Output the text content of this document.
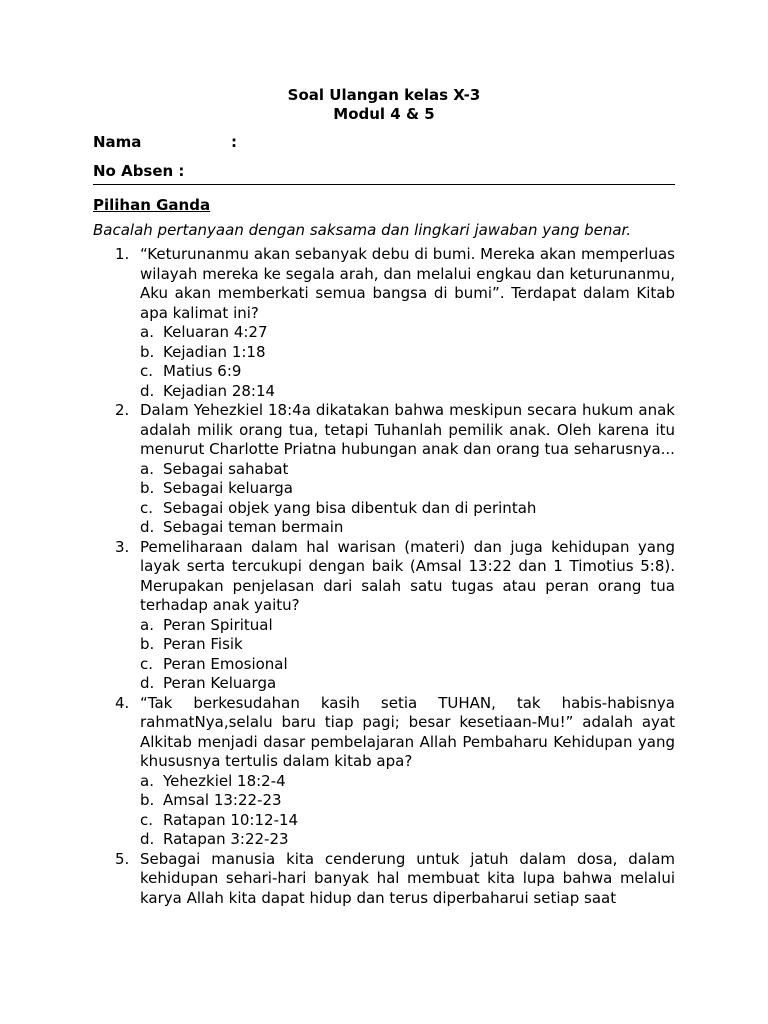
Soal Ulangan kelas X-3

Modul 4 & 5

Nama	:
No Absen :
Pilihan Ganda
Bacalah pertanyaan dengan saksama dan lingkari jawaban yang benar.
1. “Keturunanmu akan sebanyak debu di bumi. Mereka akan memperluas wilayah mereka ke segala arah, dan melalui engkau dan keturunanmu, Aku akan memberkati semua bangsa di bumi”. Terdapat dalam Kitab apa kalimat ini?
a. Keluaran 4:27
b. Kejadian 1:18
c. Matius 6:9
d. Kejadian 28:14
2. Dalam Yehezkiel 18:4a dikatakan bahwa meskipun secara hukum anak adalah milik orang tua, tetapi Tuhanlah pemilik anak. Oleh karena itu menurut Charlotte Priatna hubungan anak dan orang tua seharusnya...
a. Sebagai sahabat
b. Sebagai keluarga
c. Sebagai objek yang bisa dibentuk dan di perintah
d. Sebagai teman bermain
3. Pemeliharaan dalam hal warisan (materi) dan juga kehidupan yang layak serta tercukupi dengan baik (Amsal 13:22 dan 1 Timotius 5:8). Merupakan penjelasan dari salah satu tugas atau peran orang tua terhadap anak yaitu?
a. Peran Spiritual
b. Peran Fisik
c. Peran Emosional
d. Peran Keluarga
4. “Tak berkesudahan kasih setia TUHAN, tak habis-habisnya rahmatNya,selalu baru tiap pagi; besar kesetiaan-Mu!” adalah ayat Alkitab menjadi dasar pembelajaran Allah Pembaharu Kehidupan yang khususnya tertulis dalam kitab apa?
a. Yehezkiel 18:2-4
b. Amsal 13:22-23
c. Ratapan 10:12-14
d. Ratapan 3:22-23
5. Sebagai manusia kita cenderung untuk jatuh dalam dosa, dalam kehidupan sehari-hari banyak hal membuat kita lupa bahwa melalui karya Allah kita dapat hidup dan terus diperbaharui setiap saat
